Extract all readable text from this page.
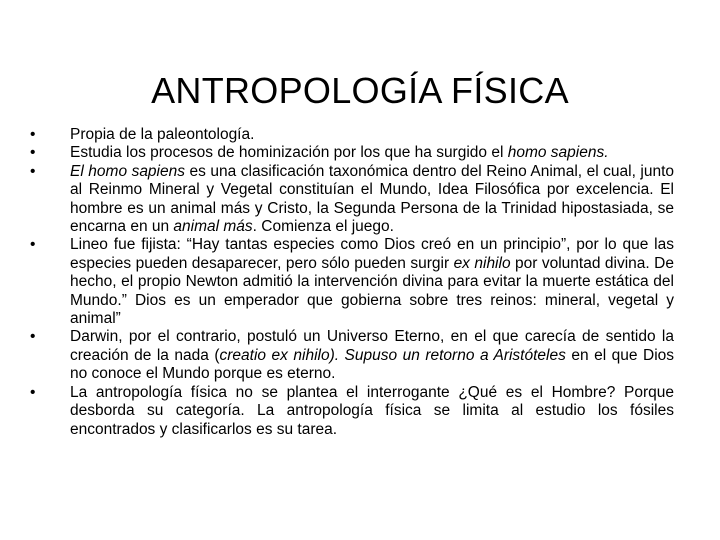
ANTROPOLOGÍA FÍSICA
•	Propia de la paleontología.
•	Estudia los procesos de hominización por los que ha surgido el homo sapiens.
•	El homo sapiens es una clasificación taxonómica dentro del Reino Animal, el cual, junto al Reinmo Mineral y Vegetal constituían el Mundo, Idea Filosófica por excelencia. El hombre es un animal más y Cristo, la Segunda Persona de la Trinidad hipostasiada, se encarna en un animal más. Comienza el juego.
•	Lineo fue fijista: “Hay tantas especies como Dios creó en un principio”, por lo que las especies pueden desaparecer, pero sólo pueden surgir ex nihilo por voluntad divina. De hecho, el propio Newton admitió la intervención divina para evitar la muerte estática del Mundo.” Dios es un emperador que gobierna sobre tres reinos: mineral, vegetal y animal”
•	Darwin, por el contrario, postuló un Universo Eterno, en el que carecía de sentido la creación de la nada (creatio ex nihilo). Supuso un retorno a Aristóteles en el que Dios no conoce el Mundo porque es eterno.
•	La antropología física no se plantea el interrogante ¿Qué es el Hombre? Porque desborda su categoría. La antropología física se limita al estudio los fósiles encontrados y clasificarlos es su tarea.
